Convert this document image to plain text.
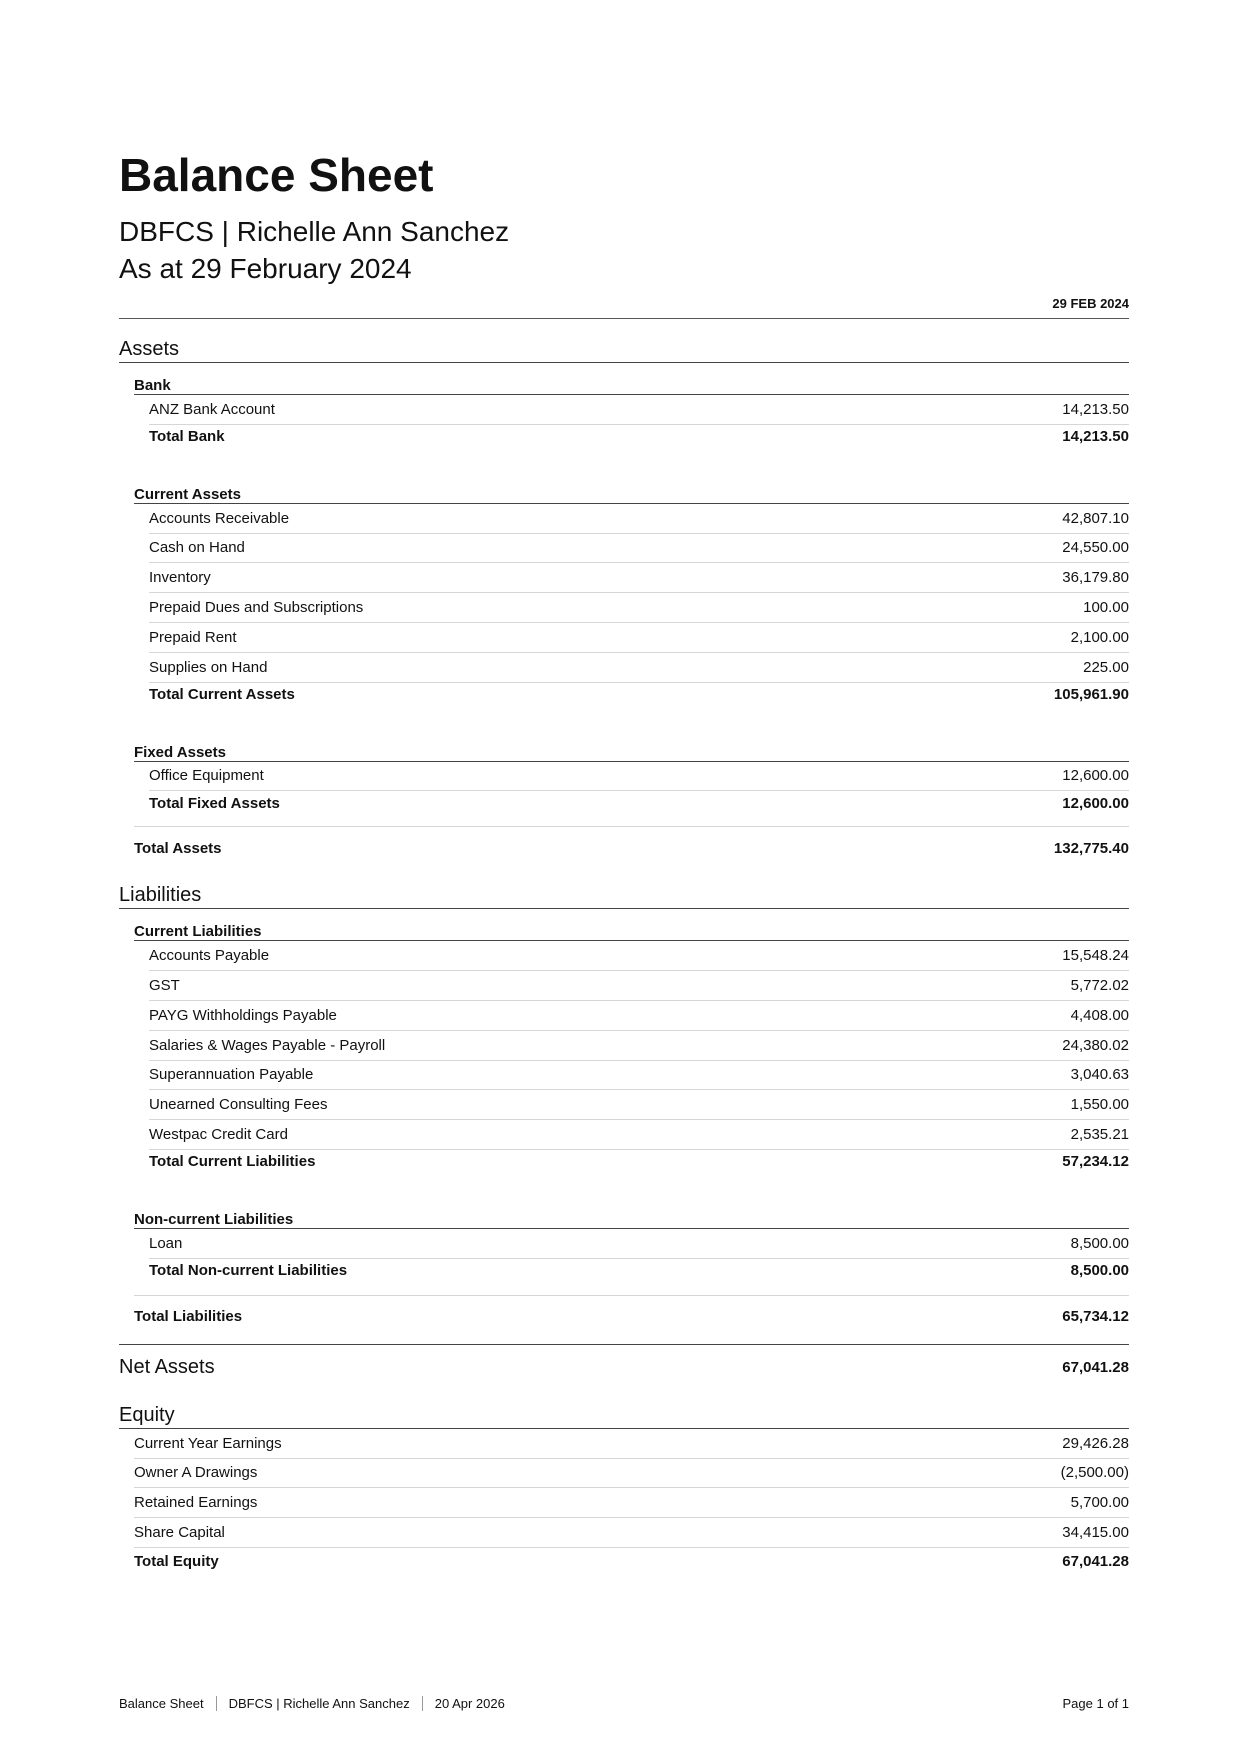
Balance Sheet
DBFCS | Richelle Ann Sanchez
As at 29 February 2024
29 FEB 2024
Assets
Bank
ANZ Bank Account	14,213.50
Total Bank	14,213.50
Current Assets
Accounts Receivable	42,807.10
Cash on Hand	24,550.00
Inventory	36,179.80
Prepaid Dues and Subscriptions	100.00
Prepaid Rent	2,100.00
Supplies on Hand	225.00
Total Current Assets	105,961.90
Fixed Assets
Office Equipment	12,600.00
Total Fixed Assets	12,600.00
Total Assets	132,775.40
Liabilities
Current Liabilities
Accounts Payable	15,548.24
GST	5,772.02
PAYG Withholdings Payable	4,408.00
Salaries & Wages Payable - Payroll	24,380.02
Superannuation Payable	3,040.63
Unearned Consulting Fees	1,550.00
Westpac Credit Card	2,535.21
Total Current Liabilities	57,234.12
Non-current Liabilities
Loan	8,500.00
Total Non-current Liabilities	8,500.00
Total Liabilities	65,734.12
Net Assets	67,041.28
Equity
Current Year Earnings	29,426.28
Owner A Drawings	(2,500.00)
Retained Earnings	5,700.00
Share Capital	34,415.00
Total Equity	67,041.28
Balance Sheet DBFCS | Richelle Ann Sanchez 20 Apr 2026	Page 1 of 1
